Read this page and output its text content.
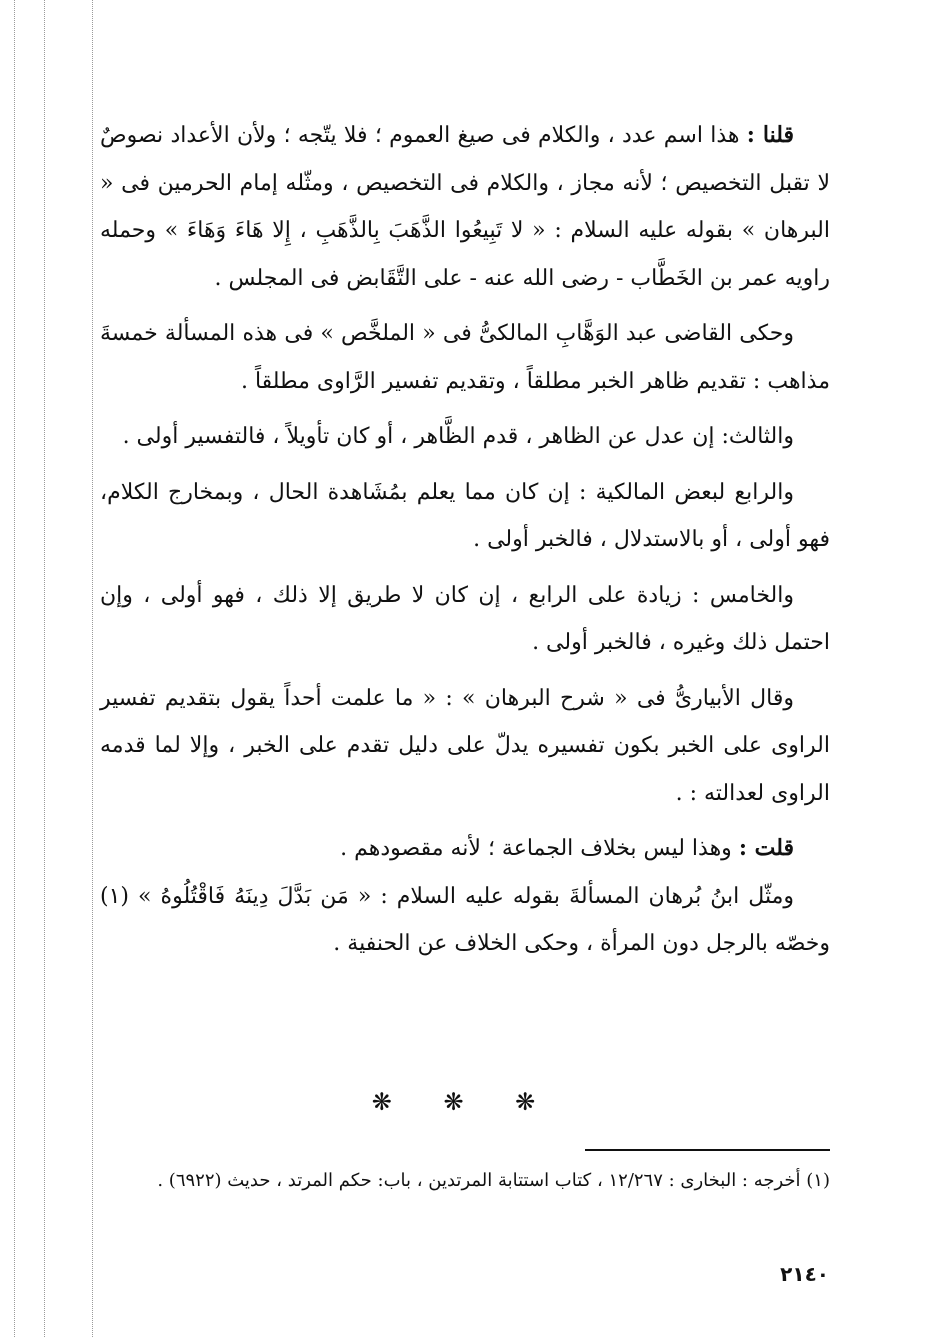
قلنا : هذا اسم عدد ، والكلام فى صيغ العموم ؛ فلا يتّجه ؛ ولأن الأعداد نصوصٌ لا تقبل التخصيص ؛ لأنه مجاز ، والكلام فى التخصيص ، ومثّله إمام الحرمين فى « البرهان » بقوله عليه السلام : « لا تَبِيعُوا الذَّهَبَ بِالذَّهَبِ ، إِلا هَاءَ وَهَاءَ » وحمله راويه عمر بن الخَطَّاب - رضى الله عنه - على التَّقَابض فى المجلس .

وحكى القاضى عبد الوَهَّابِ المالكىُّ فى « الملخَّص » فى هذه المسألة خمسةَ مذاهب : تقديم ظاهر الخبر مطلقاً ، وتقديم تفسير الرَّاوى مطلقاً .

والثالث: إن عدل عن الظاهر ، قدم الظَّاهر ، أو كان تأويلاً ، فالتفسير أولى .

والرابع لبعض المالكية : إن كان مما يعلم بمُشَاهدة الحال ، وبمخارج الكلام، فهو أولى ، أو بالاستدلال ، فالخبر أولى .

والخامس : زيادة على الرابع ، إن كان لا طريق إلا ذلك ، فهو أولى ، وإن احتمل ذلك وغيره ، فالخبر أولى .

وقال الأبيارىُّ فى « شرح البرهان » : « ما علمت أحداً يقول بتقديم تفسير الراوى على الخبر بكون تفسيره يدلّ على دليل تقدم على الخبر ، وإلا لما قدمه الراوى لعدالته : .

قلت : وهذا ليس بخلاف الجماعة ؛ لأنه مقصودهم .

ومثّل ابنُ بُرهان المسألةَ بقوله عليه السلام : « مَن بَدَّلَ دِينَهُ فَاقْتُلُوهُ » (١) وخصّه بالرجل دون المرأة ، وحكى الخلاف عن الحنفية .

❋ ❋ ❋
(١) أخرجه : البخارى : ١٢/٢٦٧ ، كتاب استتابة المرتدين ، باب: حكم المرتد ، حديث (٦٩٢٢) .
٢١٤٠
